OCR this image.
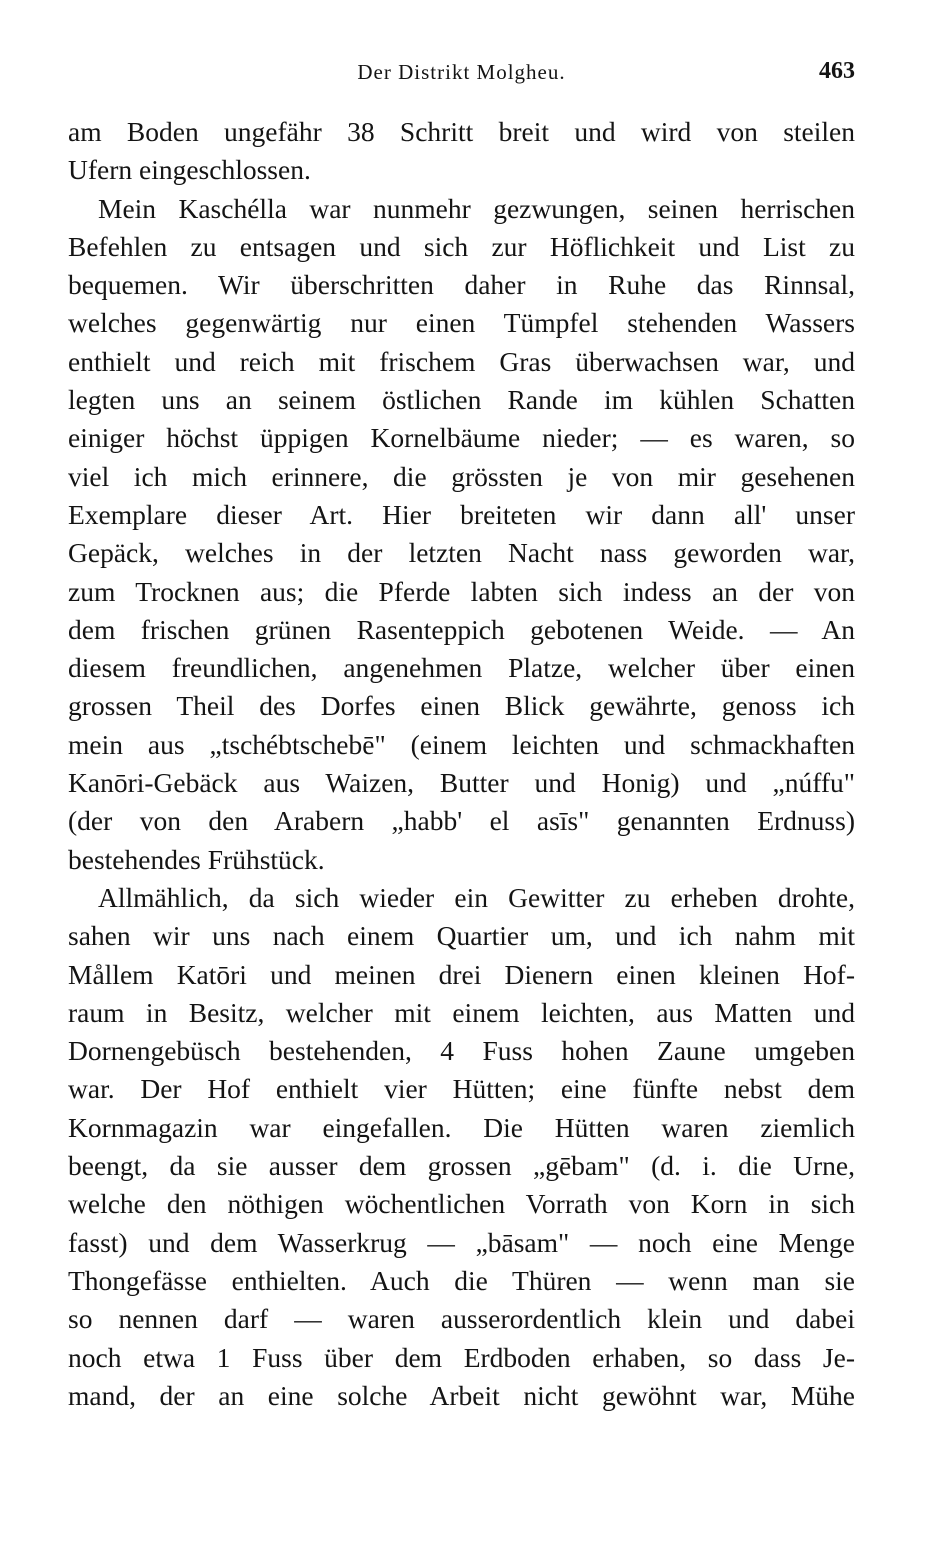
Der Distrikt Molgheu.	463
am Boden ungefähr 38 Schritt breit und wird von steilen
Ufern eingeschlossen.
Mein Kaschélla war nunmehr gezwungen, seinen herrischen
Befehlen zu entsagen und sich zur Höflichkeit und List zu
bequemen. Wir überschritten daher in Ruhe das Rinnsal,
welches gegenwärtig nur einen Tümpfel stehenden Wassers
enthielt und reich mit frischem Gras überwachsen war, und
legten uns an seinem östlichen Rande im kühlen Schatten
einiger höchst üppigen Kornelbäume nieder; — es waren, so
viel ich mich erinnere, die grössten je von mir gesehenen
Exemplare dieser Art. Hier breiteten wir dann all' unser
Gepäck, welches in der letzten Nacht nass geworden war,
zum Trocknen aus; die Pferde labten sich indess an der von
dem frischen grünen Rasenteppich gebotenen Weide. — An
diesem freundlichen, angenehmen Platze, welcher über einen
grossen Theil des Dorfes einen Blick gewährte, genoss ich
mein aus „tschébtschebē" (einem leichten und schmackhaften
Kanōri-Gebäck aus Waizen, Butter und Honig) und „núffu"
(der von den Arabern „habb' el asīs" genannten Erdnuss)
bestehendes Frühstück.
Allmählich, da sich wieder ein Gewitter zu erheben drohte,
sahen wir uns nach einem Quartier um, und ich nahm mit
Mållem Katōri und meinen drei Dienern einen kleinen Hof-
raum in Besitz, welcher mit einem leichten, aus Matten und
Dornengebüsch bestehenden, 4 Fuss hohen Zaune umgeben
war. Der Hof enthielt vier Hütten; eine fünfte nebst dem
Kornmagazin war eingefallen. Die Hütten waren ziemlich
beengt, da sie ausser dem grossen „gēbam" (d. i. die Urne,
welche den nöthigen wöchentlichen Vorrath von Korn in sich
fasst) und dem Wasserkrug — „bāsam" — noch eine Menge
Thongefässe enthielten. Auch die Thüren — wenn man sie
so nennen darf — waren ausserordentlich klein und dabei
noch etwa 1 Fuss über dem Erdboden erhaben, so dass Je-
mand, der an eine solche Arbeit nicht gewöhnt war, Mühe
